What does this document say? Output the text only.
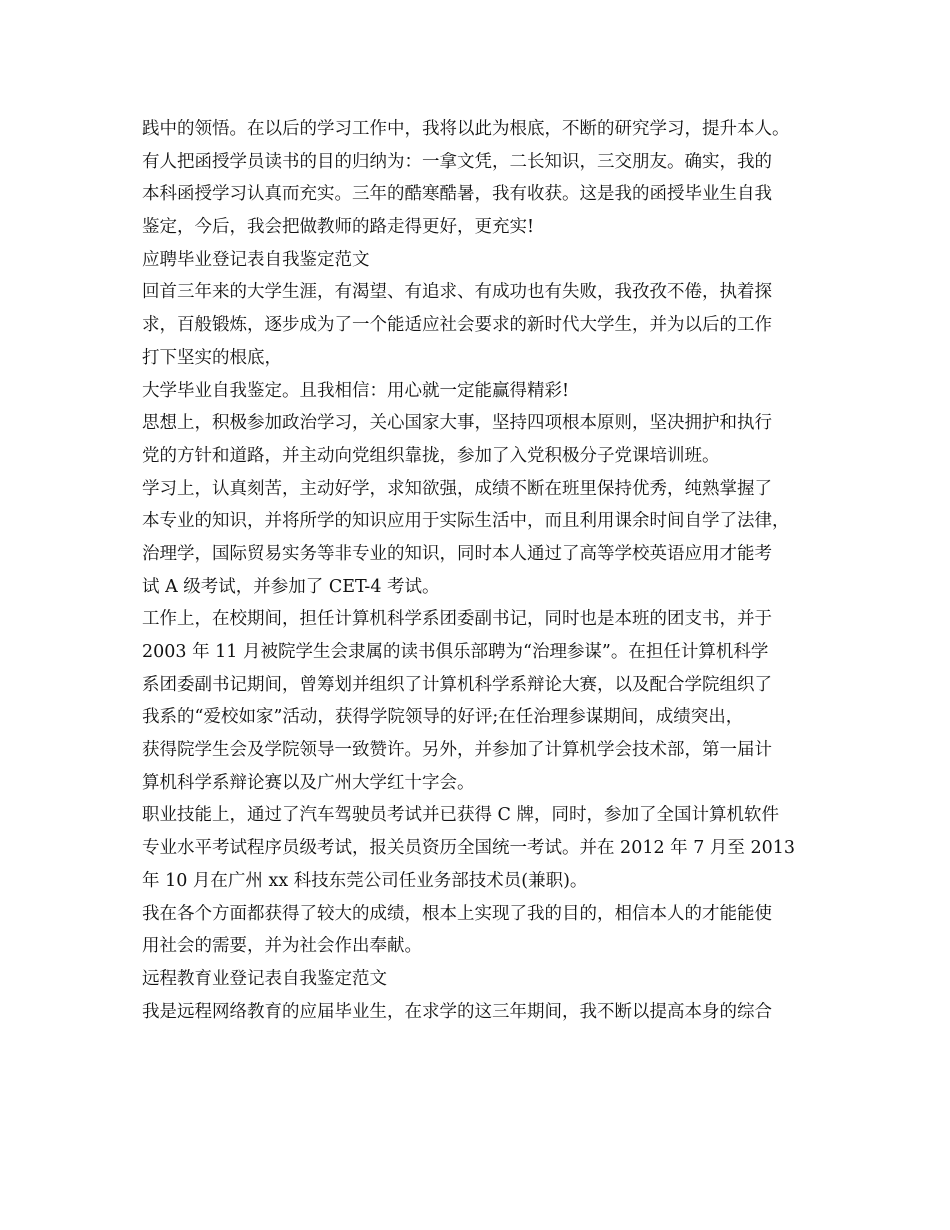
践中的领悟。在以后的学习工作中，我将以此为根底，不断的研究学习，提升本人。
有人把函授学员读书的目的归纳为：一拿文凭，二长知识，三交朋友。确实，我的
本科函授学习认真而充实。三年的酷寒酷暑，我有收获。这是我的函授毕业生自我
鉴定，今后，我会把做教师的路走得更好，更充实!
应聘毕业登记表自我鉴定范文
回首三年来的大学生涯，有渴望、有追求、有成功也有失败，我孜孜不倦，执着探
求，百般锻炼，逐步成为了一个能适应社会要求的新时代大学生，并为以后的工作
打下坚实的根底，
大学毕业自我鉴定。且我相信：用心就一定能赢得精彩!
思想上，积极参加政治学习，关心国家大事，坚持四项根本原则，坚决拥护和执行
党的方针和道路，并主动向党组织靠拢，参加了入党积极分子党课培训班。
学习上，认真刻苦，主动好学，求知欲强，成绩不断在班里保持优秀，纯熟掌握了
本专业的知识，并将所学的知识应用于实际生活中，而且利用课余时间自学了法律，
治理学，国际贸易实务等非专业的知识，同时本人通过了高等学校英语应用才能考
试 A 级考试，并参加了 CET-4 考试。
工作上，在校期间，担任计算机科学系团委副书记，同时也是本班的团支书，并于
2003 年 11 月被院学生会隶属的读书俱乐部聘为“治理参谋”。在担任计算机科学
系团委副书记期间，曾筹划并组织了计算机科学系辩论大赛，以及配合学院组织了
我系的“爱校如家”活动，获得学院领导的好评;在任治理参谋期间，成绩突出，
获得院学生会及学院领导一致赞许。另外，并参加了计算机学会技术部，第一届计
算机科学系辩论赛以及广州大学红十字会。
职业技能上，通过了汽车驾驶员考试并已获得 C 牌，同时，参加了全国计算机软件
专业水平考试程序员级考试，报关员资历全国统一考试。并在 2012 年 7 月至 2013
年 10 月在广州 xx 科技东莞公司任业务部技术员(兼职)。
我在各个方面都获得了较大的成绩，根本上实现了我的目的，相信本人的才能能使
用社会的需要，并为社会作出奉献。
远程教育业登记表自我鉴定范文
我是远程网络教育的应届毕业生，在求学的这三年期间，我不断以提高本身的综合
